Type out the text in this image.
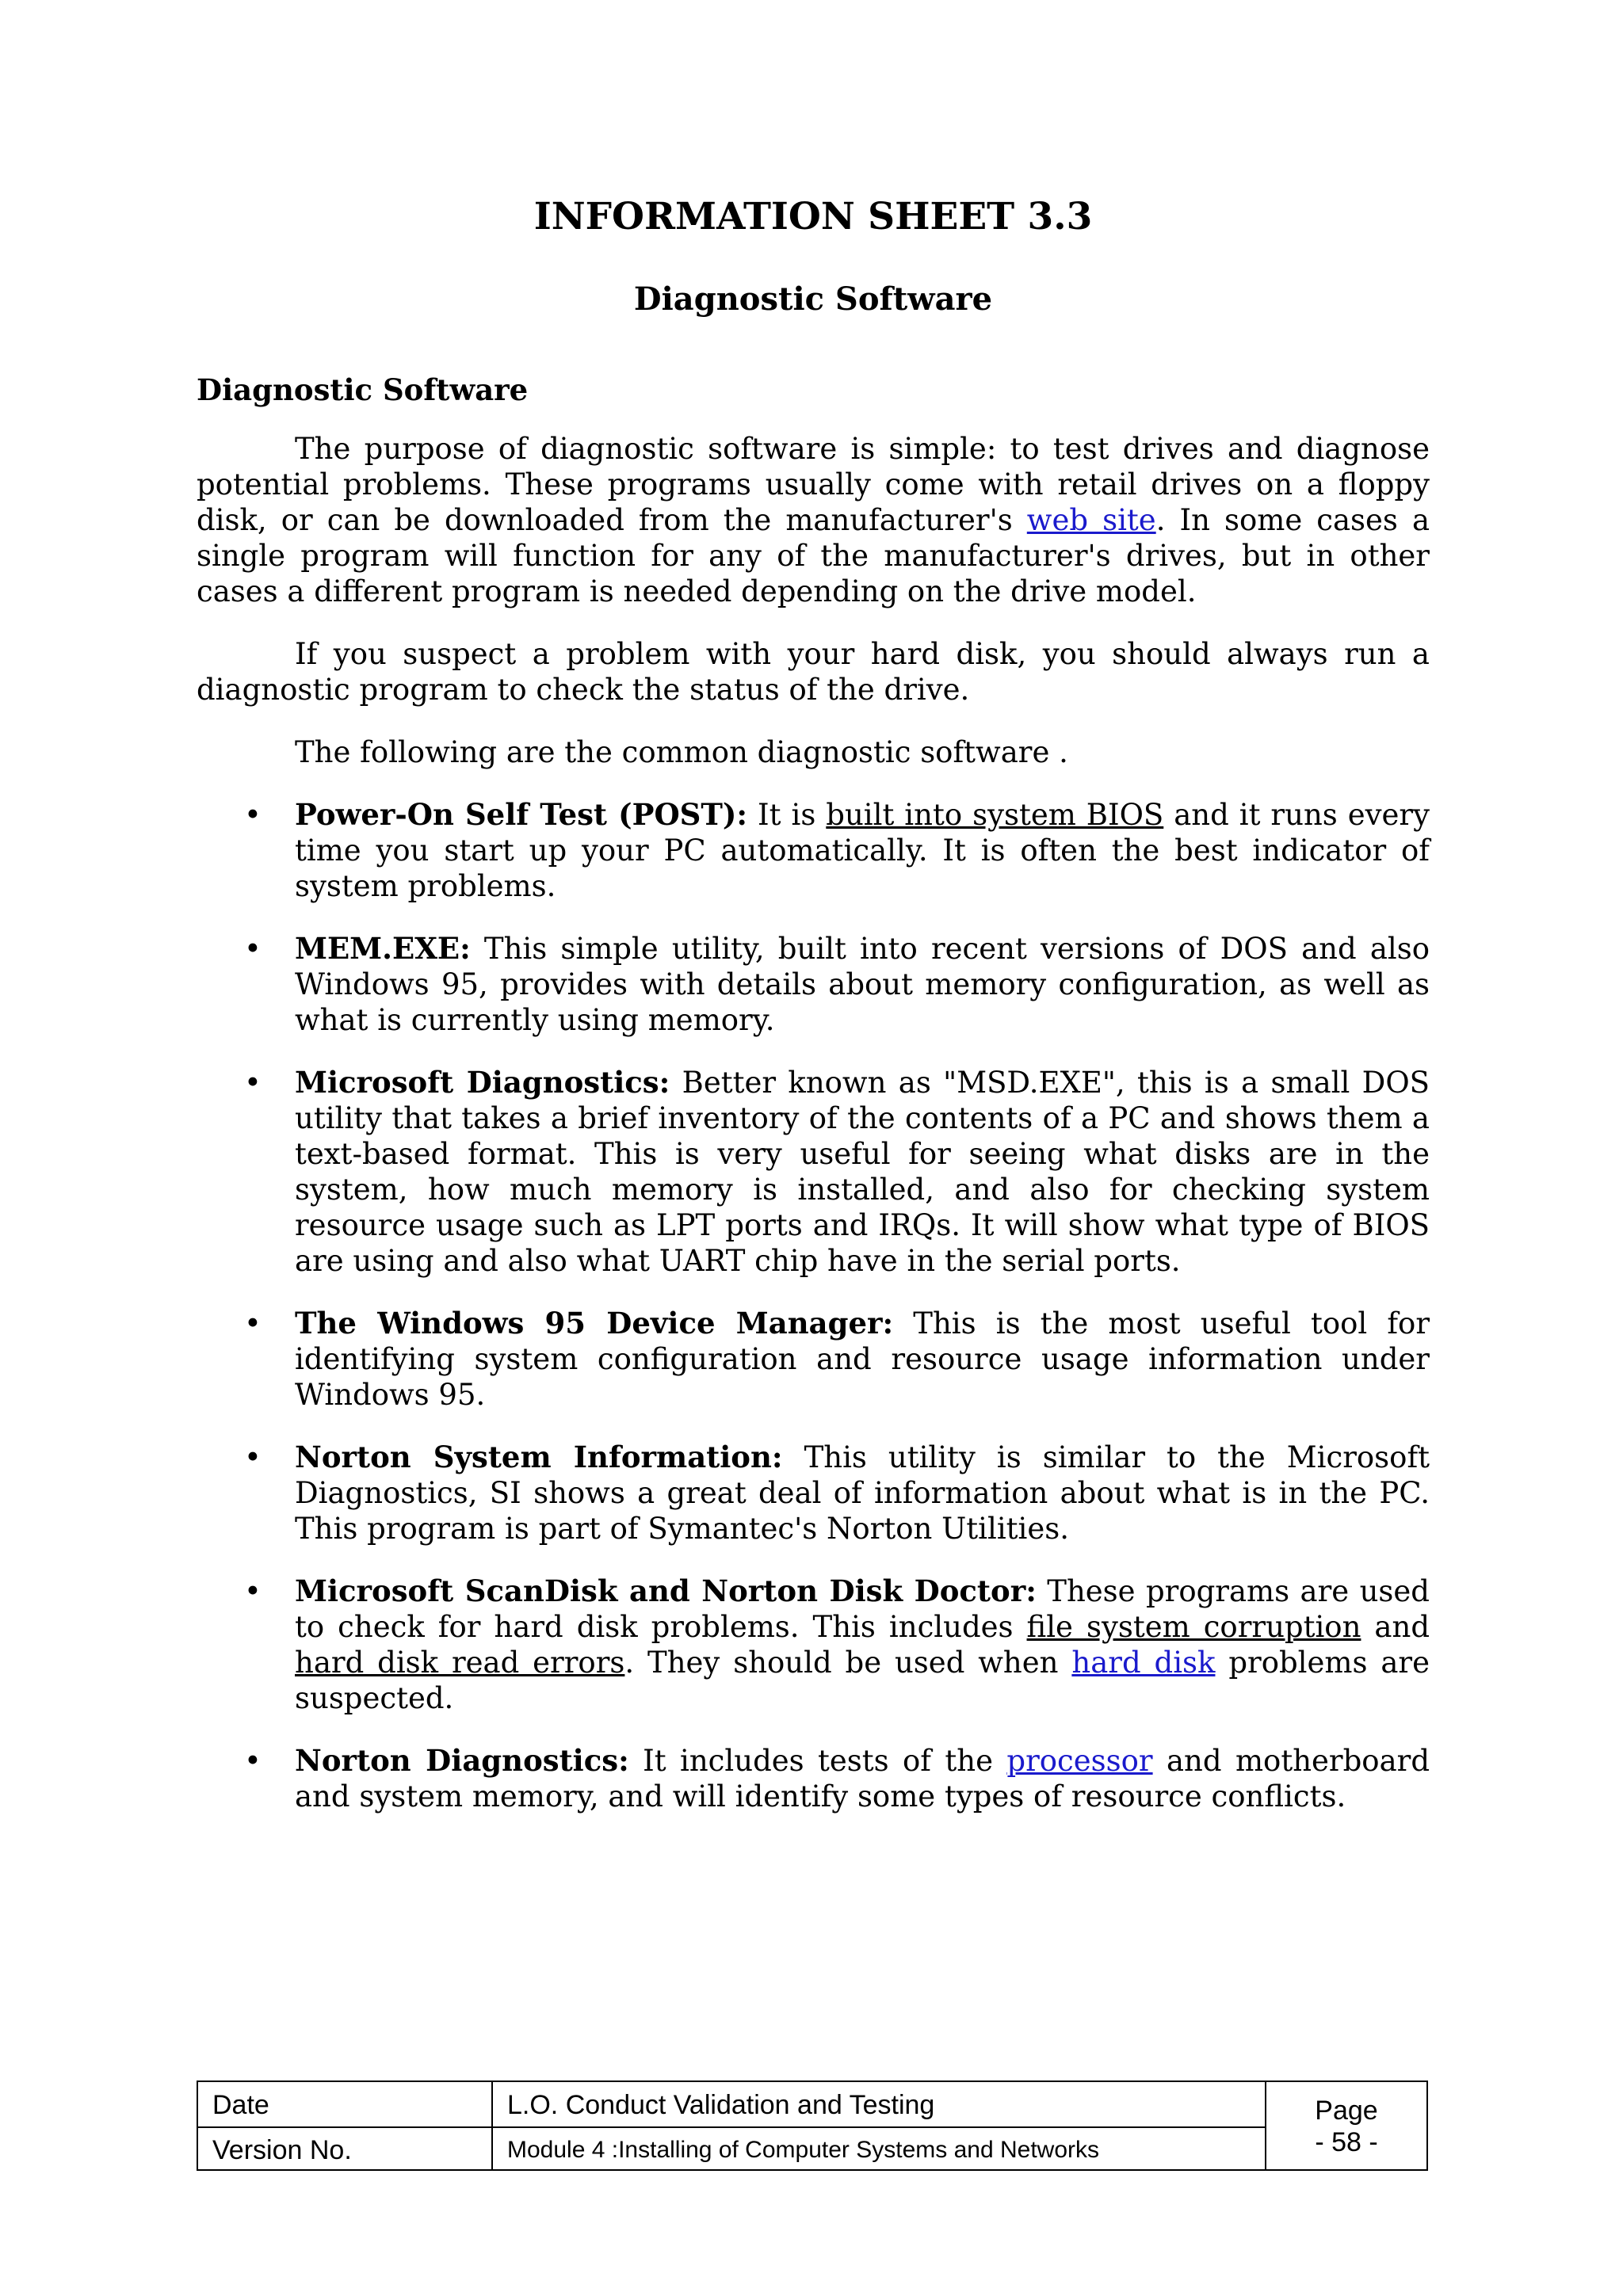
INFORMATION SHEET 3.3
Diagnostic Software
Diagnostic Software

The purpose of diagnostic software is simple: to test drives and diagnose potential problems. These programs usually come with retail drives on a floppy disk, or can be downloaded from the manufacturer's web site. In some cases a single program will function for any of the manufacturer's drives, but in other cases a different program is needed depending on the drive model.

If you suspect a problem with your hard disk, you should always run a diagnostic program to check the status of the drive.

The following are the common diagnostic software .

• Power-On Self Test (POST): It is built into system BIOS and it runs every time you start up your PC automatically. It is often the best indicator of system problems.
• MEM.EXE: This simple utility, built into recent versions of DOS and also Windows 95, provides with details about memory configuration, as well as what is currently using memory.
• Microsoft Diagnostics: Better known as "MSD.EXE", this is a small DOS utility that takes a brief inventory of the contents of a PC and shows them a text-based format. This is very useful for seeing what disks are in the system, how much memory is installed, and also for checking system resource usage such as LPT ports and IRQs. It will show what type of BIOS are using and also what UART chip have in the serial ports.
• The Windows 95 Device Manager: This is the most useful tool for identifying system configuration and resource usage information under Windows 95.
• Norton System Information: This utility is similar to the Microsoft Diagnostics, SI shows a great deal of information about what is in the PC. This program is part of Symantec's Norton Utilities.
• Microsoft ScanDisk and Norton Disk Doctor: These programs are used to check for hard disk problems. This includes file system corruption and hard disk read errors. They should be used when hard disk problems are suspected.
• Norton Diagnostics: It includes tests of the processor and motherboard and system memory, and will identify some types of resource conflicts.
Date
Version No.
L.O. Conduct Validation and Testing
Module 4 :Installing of Computer Systems and Networks
Page
- 58 -
